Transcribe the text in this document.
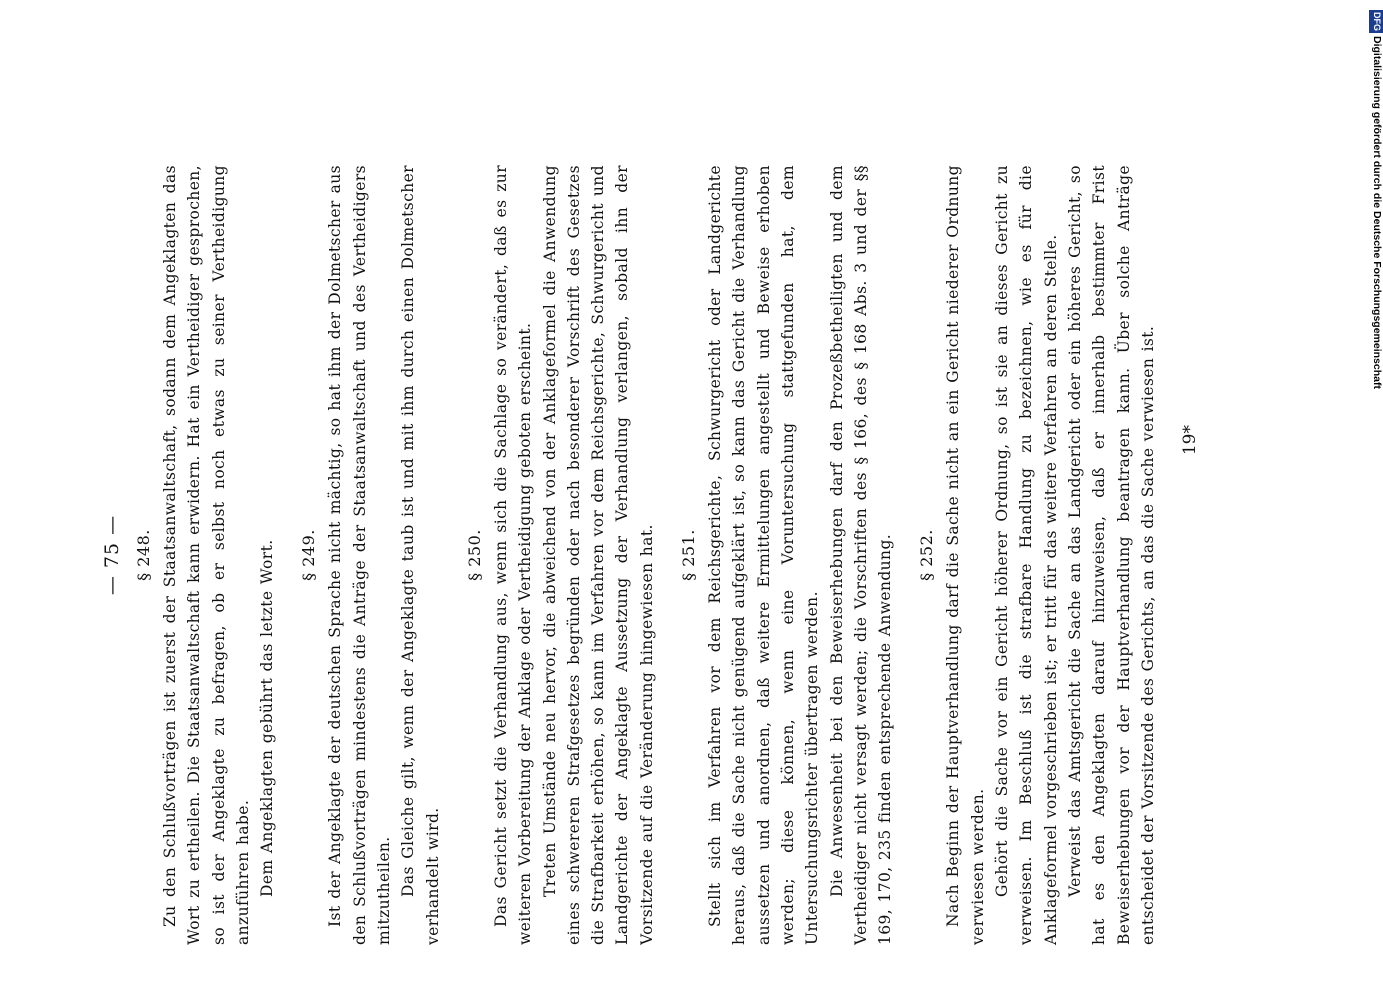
— 75 — § 248. Zu den Schlußvorträgen ist zuerst der Staatsanwaltschaft, sodann dem Angeklagten das Wort zu ertheilen. Die Staatsanwaltschaft kann erwidern. Hat ein Vertheidiger gesprochen, so ist der Angeklagte zu befragen, ob er selbst noch etwas zu seiner Vertheidigung anzuführen habe. Dem Angeklagten gebührt das letzte Wort. § 249. Ist der Angeklagte der deutschen Sprache nicht mächtig, so hat ihm der Dolmetscher aus den Schlußvorträgen mindestens die Anträge der Staatsanwaltschaft und des Vertheidigers mitzutheilen. Das Gleiche gilt, wenn der Angeklagte taub ist und mit ihm durch einen Dolmetscher verhandelt wird.

§ 250. Das Gericht setzt die Verhandlung aus, wenn sich die Sachlage so verändert, daß es zur weiteren Vorbereitung der Anklage oder Vertheidigung geboten erscheint. Treten Umstände neu hervor, die abweichend von der Anklageformel die Anwendung eines schwereren Strafgesetzes begründen oder nach besonderer Vorschrift des Gesetzes die Strafbarkeit erhöhen, so kann im Verfahren vor dem Reichsgerichte, Schwurgericht und Landgerichte der Angeklagte Aussetzung der Verhandlung verlangen, sobald ihn der Vorsitzende auf die Veränderung hingewiesen hat. § 251. Stellt sich im Verfahren vor dem Reichsgerichte, Schwurgericht oder Landgerichte heraus, daß die Sache nicht genügend aufgeklärt ist, so kann das Gericht die Verhandlung aussetzen und anordnen, daß weitere Ermittelungen angestellt und Beweise erhoben werden; diese können, wenn eine Voruntersuchung stattgefunden hat, dem Untersuchungsrichter übertragen werden. Die Anwesenheit bei den Beweiserhebungen darf den Prozeßbetheiligten und dem Vertheidiger nicht versagt werden; die Vorschriften des § 166, des § 168 Abs. 3 und der §§ 169, 170, 235 finden entsprechende Anwendung. § 252. Nach Beginn der Hauptverhandlung darf die Sache nicht an ein Gericht niederer Ordnung verwiesen werden. Gehört die Sache vor ein Gericht höherer Ordnung, so ist sie an dieses Gericht zu verweisen. Im Beschluß ist die strafbare Handlung zu bezeichnen, wie es für die Anklageformel vorgeschrieben ist; er tritt für das weitere Verfahren an deren Stelle. Verweist das Amtsgericht die Sache an das Landgericht oder ein höheres Gericht, so hat es den Angeklagten darauf hinzuweisen, daß er innerhalb bestimmter Frist Beweiserhebungen vor der Hauptverhandlung beantragen kann. Über solche Anträge entscheidet der Vorsitzende des Gerichts, an das die Sache verwiesen ist. 19*
DFGDigitalisierung gefördert durch die Deutsche Forschungsgemeinschaft
